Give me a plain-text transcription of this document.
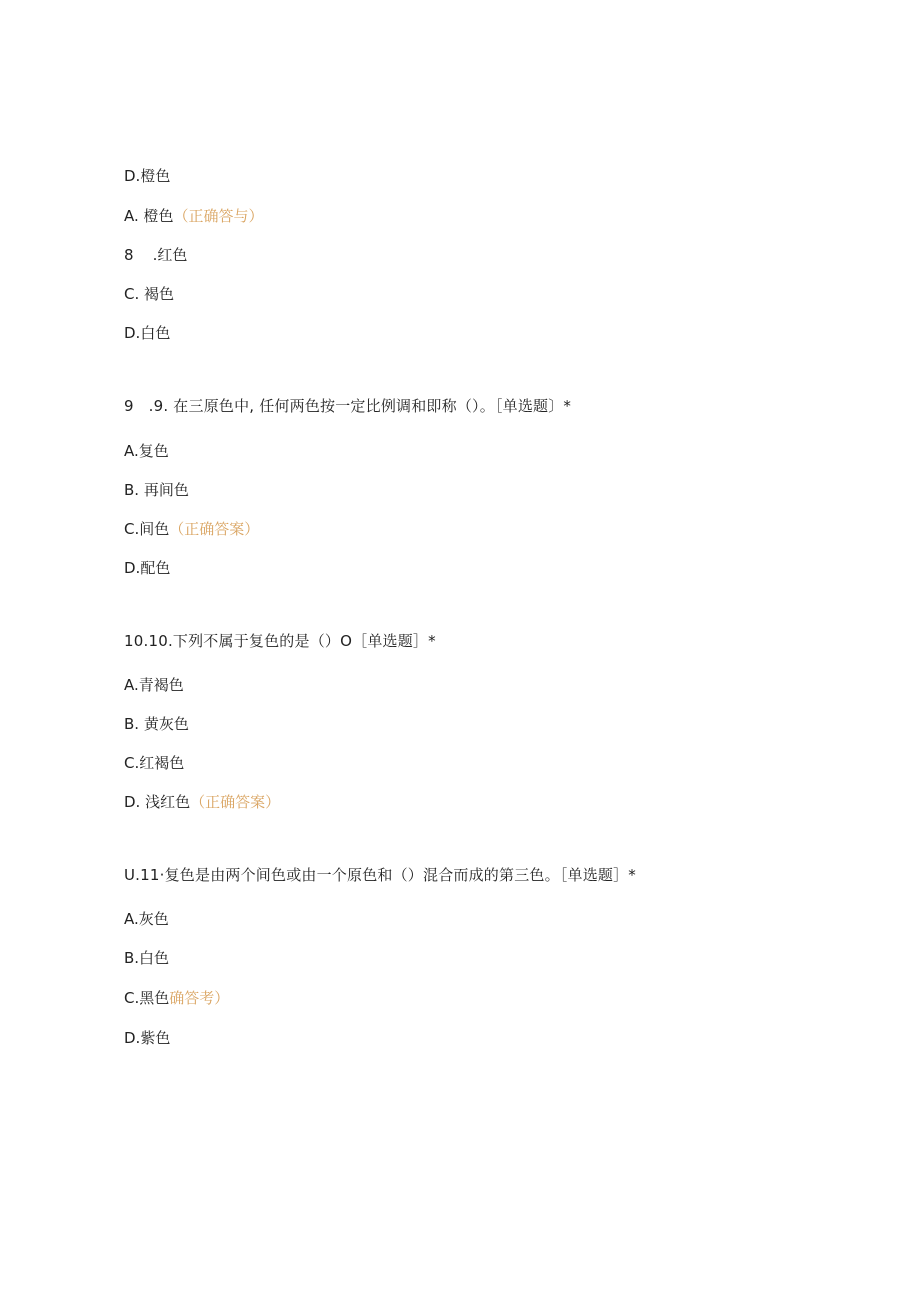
D.橙色
A. 橙色（正确答与）
8    .红色
C. 褐色
D.白色
9   .9. 在三原色中, 任何两色按一定比例调和即称（）。［单选题〕*
A.复色
B. 再间色
C.间色（正确答案）
D.配色
10.10.下列不属于复色的是（）O［单选题］*
A.青褐色
B. 黄灰色
C.红褐色
D. 浅红色（正确答案）
U.11·复色是由两个间色或由一个原色和（）混合而成的第三色。［单选题］*
A.灰色
B.白色
C.黑色确答考）
D.紫色
